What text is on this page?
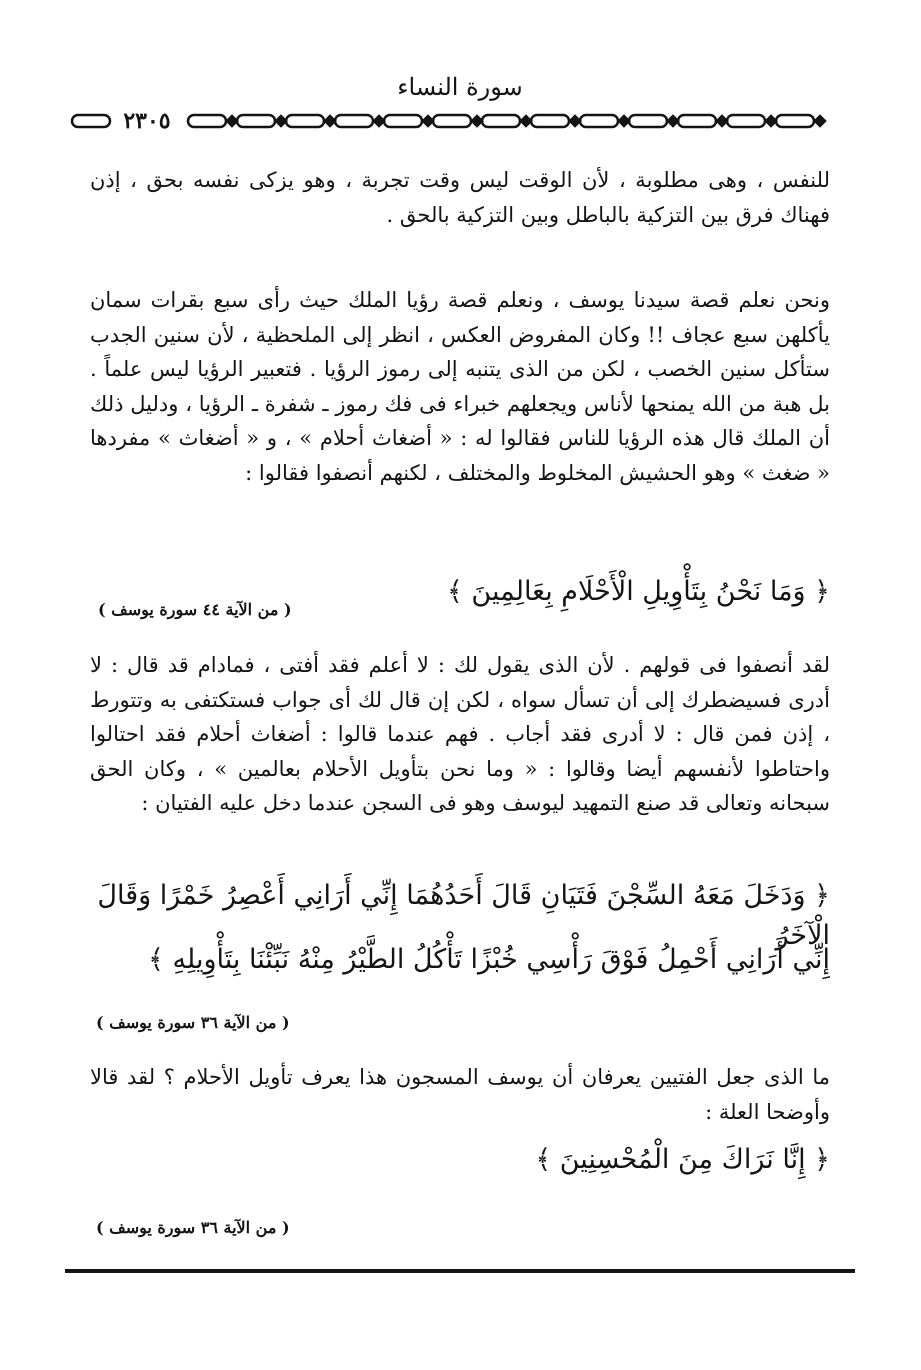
سورة النساء
٢٣٠٥

للنفس ، وهى مطلوبة ، لأن الوقت ليس وقت تجربة ، وهو يزكى نفسه بحق ، إذن فهناك فرق بين التزكية بالباطل وبين التزكية بالحق .

ونحن نعلم قصة سيدنا يوسف ، ونعلم قصة رؤيا الملك حيث رأى سبع بقرات سمان يأكلهن سبع عجاف !! وكان المفروض العكس ، انظر إلى الملحظية ، لأن سنين الجدب ستأكل سنين الخصب ، لكن من الذى يتنبه إلى رموز الرؤيا . فتعبير الرؤيا ليس علماً . بل هبة من الله يمنحها لأناس ويجعلهم خبراء فى فك رموز ـ شفرة ـ الرؤيا ، ودليل ذلك أن الملك قال هذه الرؤيا للناس فقالوا له : « أضغاث أحلام » ، و « أضغاث » مفردها « ضغث » وهو الحشيش المخلوط والمختلف ، لكنهم أنصفوا فقالوا :

﴿ وَمَا نَحْنُ بِتَأْوِيلِ الْأَحْلَامِ بِعَالِمِينَ ﴾
( من الآية ٤٤ سورة يوسف )

لقد أنصفوا فى قولهم . لأن الذى يقول لك : لا أعلم فقد أفتى ، فمادام قد قال : لا أدرى فسيضطرك إلى أن تسأل سواه ، لكن إن قال لك أى جواب فستكتفى به وتتورط ، إذن فمن قال : لا أدرى فقد أجاب . فهم عندما قالوا : أضغاث أحلام فقد احتالوا واحتاطوا لأنفسهم أيضا وقالوا : « وما نحن بتأويل الأحلام بعالمين » ، وكان الحق سبحانه وتعالى قد صنع التمهيد ليوسف وهو فى السجن عندما دخل عليه الفتيان :

﴿ وَدَخَلَ مَعَهُ السِّجْنَ فَتَيَانِ قَالَ أَحَدُهُمَا إِنِّي أَرَانِي أَعْصِرُ خَمْرًا وَقَالَ الْآخَرُ
إِنِّي أَرَانِي أَحْمِلُ فَوْقَ رَأْسِي خُبْزًا تَأْكُلُ الطَّيْرُ مِنْهُ نَبِّئْنَا بِتَأْوِيلِهِ ﴾
( من الآية ٣٦ سورة يوسف )

ما الذى جعل الفتيين يعرفان أن يوسف المسجون هذا يعرف تأويل الأحلام ؟ لقد قالا وأوضحا العلة :

﴿ إِنَّا نَرَاكَ مِنَ الْمُحْسِنِينَ ﴾
( من الآية ٣٦ سورة يوسف )
